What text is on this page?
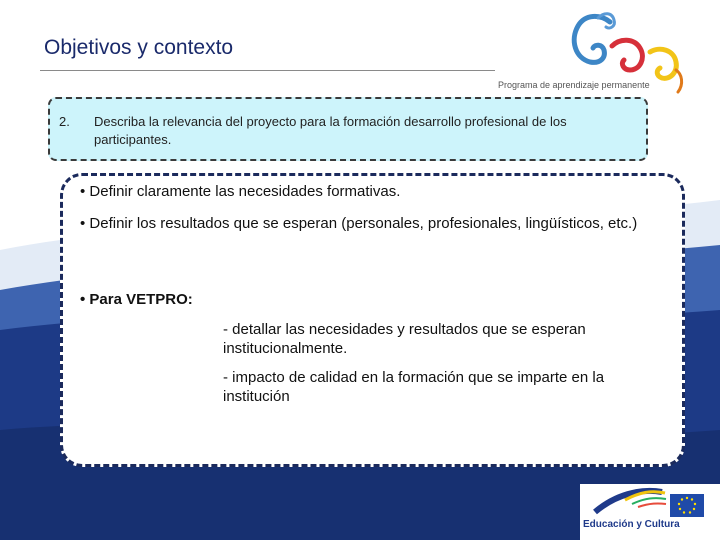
Objetivos y contexto
Programa de aprendizaje permanente
2. Describa la relevancia del proyecto para la formación desarrollo profesional de los participantes.
• Definir claramente las necesidades formativas.
• Definir los resultados que se esperan (personales, profesionales, lingüísticos, etc.)
• Para VETPRO:
- detallar las necesidades y resultados que se esperan institucionalmente.
- impacto de calidad en la formación que se imparte en la institución
Educación y Cultura
